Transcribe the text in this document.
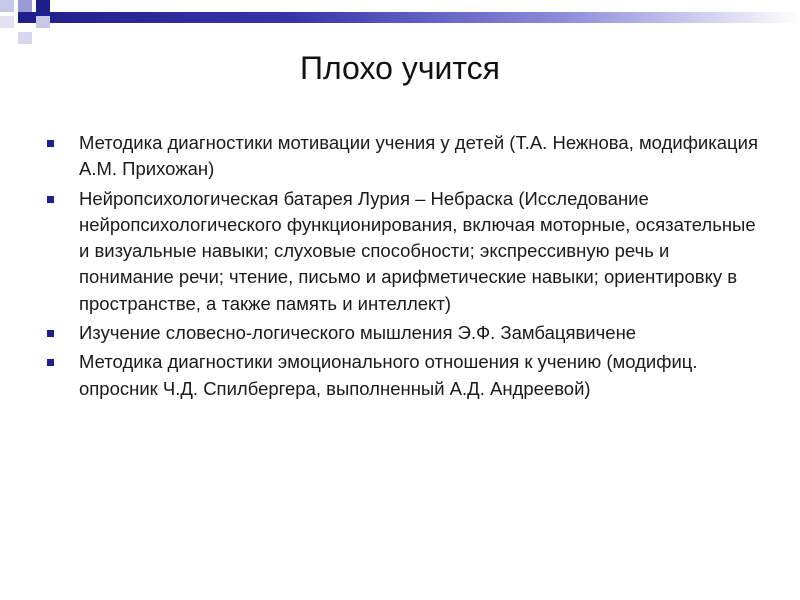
Плохо учится
Методика диагностики мотивации учения у детей (Т.А. Нежнова, модификация А.М. Прихожан)
Нейропсихологическая батарея Лурия – Небраска (Исследование нейропсихологического функционирования, включая моторные, осязательные и визуальные навыки; слуховые способности; экспрессивную речь и понимание речи; чтение, письмо и арифметические навыки; ориентировку в пространстве, а также память и интеллект)
Изучение словесно-логического мышления Э.Ф. Замбацявичене
Методика диагностики эмоционального отношения к учению (модифиц. опросник Ч.Д. Спилбергера, выполненный А.Д. Андреевой)
